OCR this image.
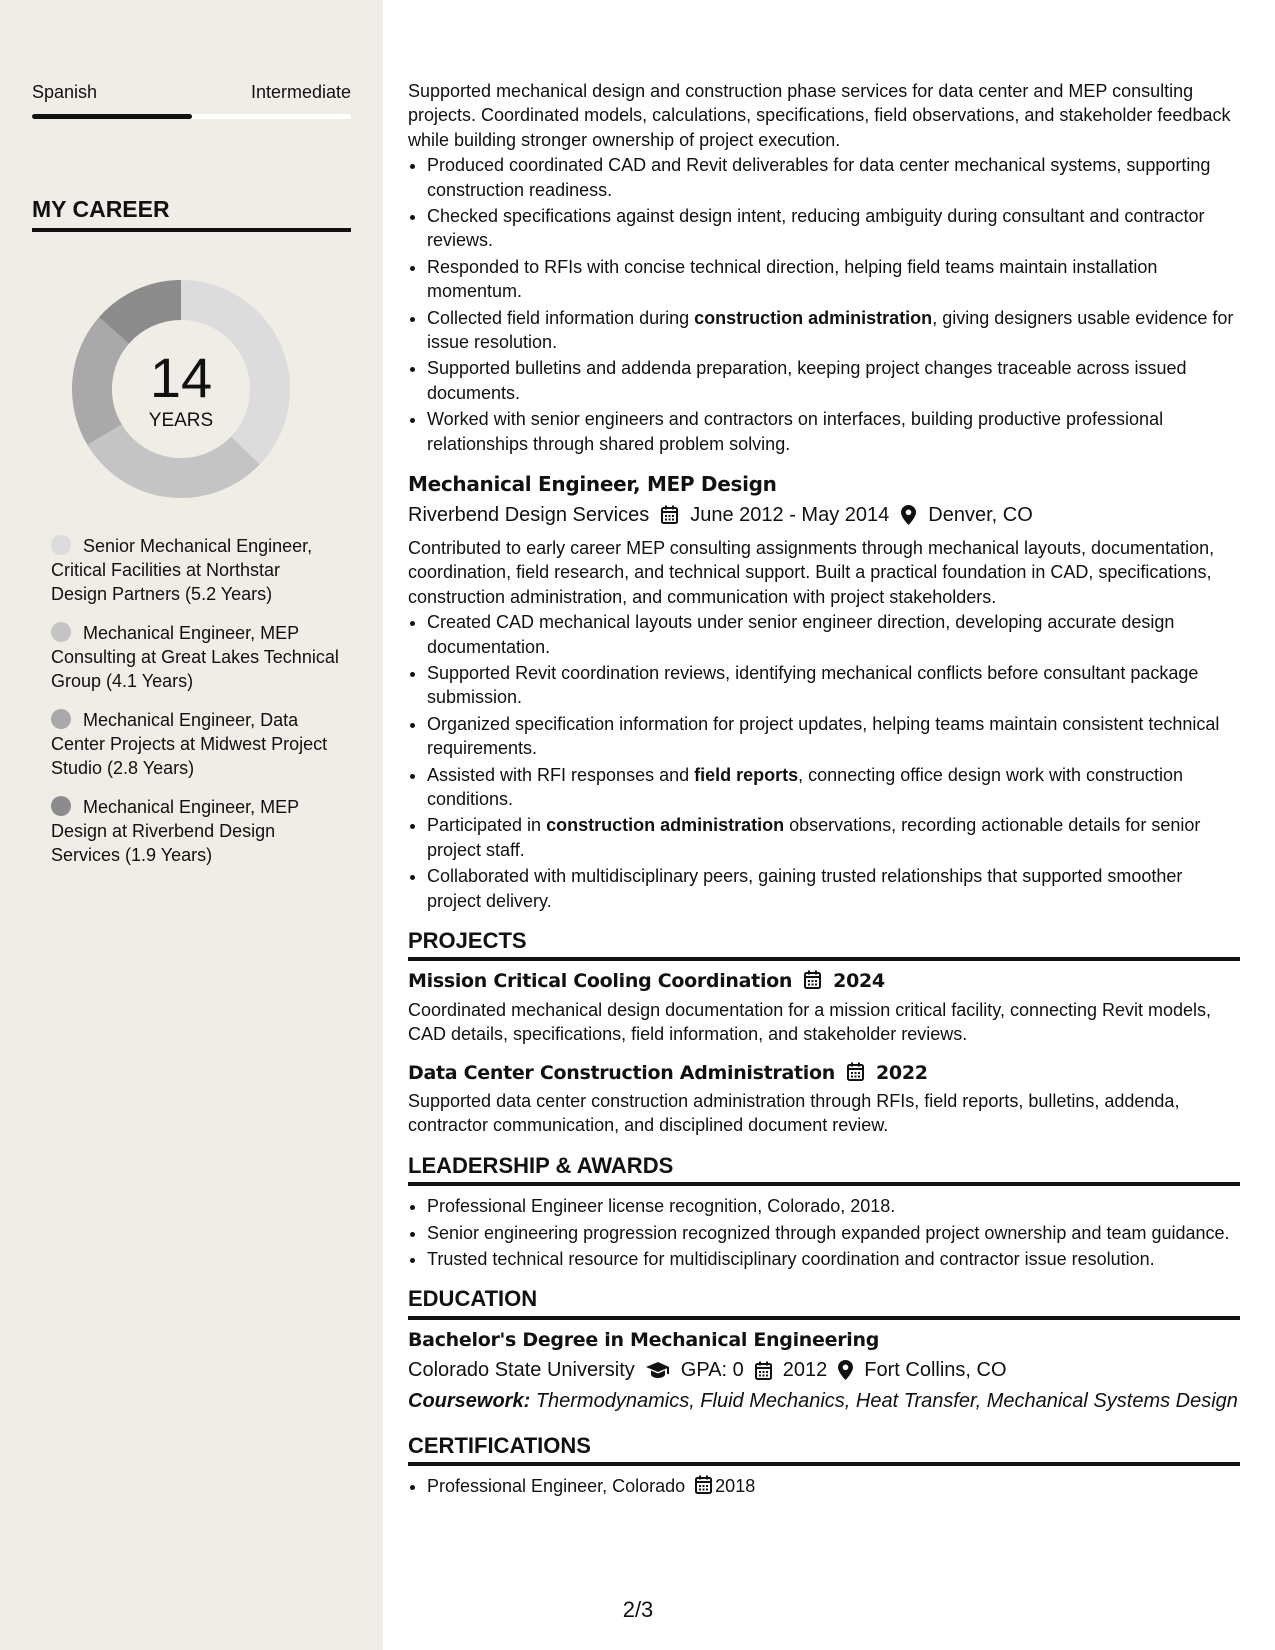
Spanish	Intermediate
MY CAREER
14
YEARS
Senior Mechanical Engineer, Critical Facilities at Northstar Design Partners (5.2 Years)
Mechanical Engineer, MEP Consulting at Great Lakes Technical Group (4.1 Years)
Mechanical Engineer, Data Center Projects at Midwest Project Studio (2.8 Years)
Mechanical Engineer, MEP Design at Riverbend Design Services (1.9 Years)

Supported mechanical design and construction phase services for data center and MEP consulting projects. Coordinated models, calculations, specifications, field observations, and stakeholder feedback while building stronger ownership of project execution.

• Produced coordinated CAD and Revit deliverables for data center mechanical systems, supporting construction readiness.
• Checked specifications against design intent, reducing ambiguity during consultant and contractor reviews.
• Responded to RFIs with concise technical direction, helping field teams maintain installation momentum.
• Collected field information during construction administration, giving designers usable evidence for issue resolution.
• Supported bulletins and addenda preparation, keeping project changes traceable across issued documents.
• Worked with senior engineers and contractors on interfaces, building productive professional relationships through shared problem solving.
Mechanical Engineer, MEP Design
Riverbend Design Services June 2012 - May 2014 Denver, CO

Contributed to early career MEP consulting assignments through mechanical layouts, documentation, coordination, field research, and technical support. Built a practical foundation in CAD, specifications, construction administration, and communication with project stakeholders.

• Created CAD mechanical layouts under senior engineer direction, developing accurate design documentation.
• Supported Revit coordination reviews, identifying mechanical conflicts before consultant package submission.
• Organized specification information for project updates, helping teams maintain consistent technical requirements.
• Assisted with RFI responses and field reports, connecting office design work with construction conditions.
• Participated in construction administration observations, recording actionable details for senior project staff.
• Collaborated with multidisciplinary peers, gaining trusted relationships that supported smoother project delivery.
PROJECTS
Mission Critical Cooling Coordination 2024

Coordinated mechanical design documentation for a mission critical facility, connecting Revit models, CAD details, specifications, field information, and stakeholder reviews.

Data Center Construction Administration 2022

Supported data center construction administration through RFIs, field reports, bulletins, addenda, contractor communication, and disciplined document review.

LEADERSHIP & AWARDS
• Professional Engineer license recognition, Colorado, 2018.
• Senior engineering progression recognized through expanded project ownership and team guidance.
• Trusted technical resource for multidisciplinary coordination and contractor issue resolution.
EDUCATION
Bachelor's Degree in Mechanical Engineering
Colorado State University GPA: 0 2012 Fort Collins, CO
Coursework: Thermodynamics, Fluid Mechanics, Heat Transfer, Mechanical Systems Design
CERTIFICATIONS
• Professional Engineer, Colorado 2018
2/3
